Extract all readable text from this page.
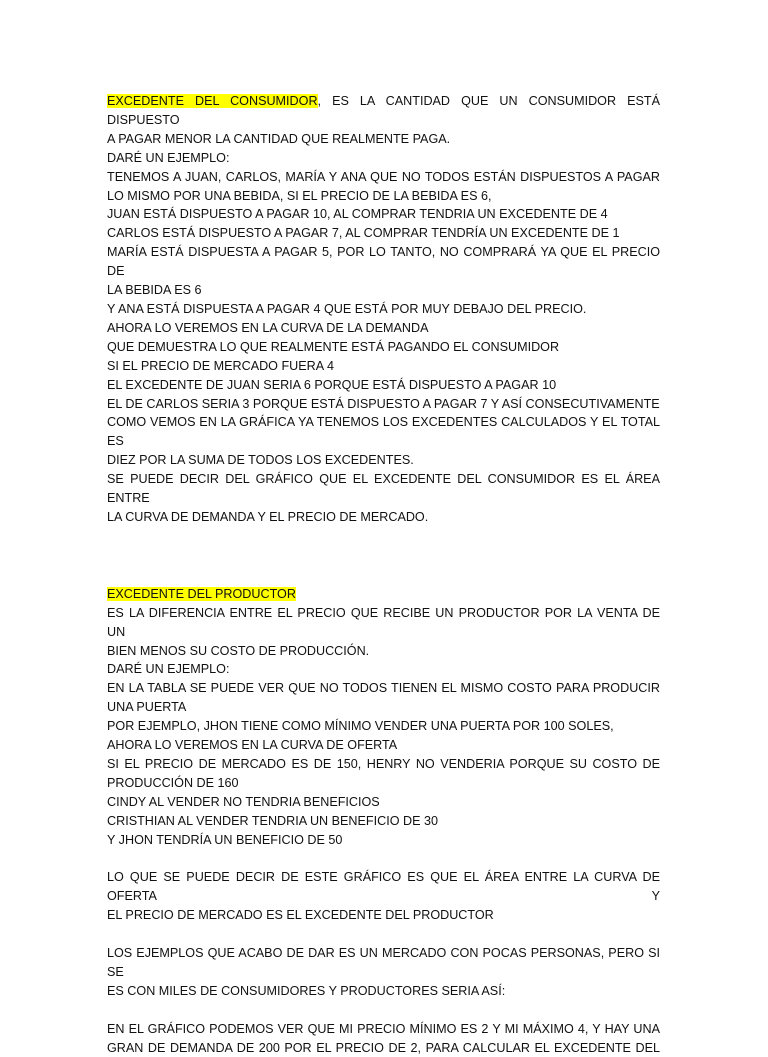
EXCEDENTE DEL CONSUMIDOR, ES LA CANTIDAD QUE UN CONSUMIDOR ESTÁ DISPUESTO
A PAGAR MENOR LA CANTIDAD QUE REALMENTE PAGA.
DARÉ UN EJEMPLO:
TENEMOS A JUAN, CARLOS, MARÍA Y ANA QUE NO TODOS ESTÁN DISPUESTOS A PAGAR
LO MISMO POR UNA BEBIDA, SI EL PRECIO DE LA BEBIDA ES 6,
JUAN ESTÁ DISPUESTO A PAGAR 10, AL COMPRAR TENDRIA UN EXCEDENTE DE 4
CARLOS ESTÁ DISPUESTO A PAGAR 7, AL COMPRAR TENDRÍA UN EXCEDENTE DE 1
MARÍA ESTÁ DISPUESTA A PAGAR 5, POR LO TANTO, NO COMPRARÁ YA QUE EL PRECIO DE
LA BEBIDA ES 6
Y ANA ESTÁ DISPUESTA A PAGAR 4 QUE ESTÁ POR MUY DEBAJO DEL PRECIO.
AHORA LO VEREMOS EN LA CURVA DE LA DEMANDA
QUE DEMUESTRA LO QUE REALMENTE ESTÁ PAGANDO EL CONSUMIDOR
SI EL PRECIO DE MERCADO FUERA 4
EL EXCEDENTE DE JUAN SERIA 6 PORQUE ESTÁ DISPUESTO A PAGAR 10
EL DE CARLOS SERIA 3 PORQUE ESTÁ DISPUESTO A PAGAR 7 Y ASÍ CONSECUTIVAMENTE
COMO VEMOS EN LA GRÁFICA YA TENEMOS LOS EXCEDENTES CALCULADOS Y EL TOTAL ES
DIEZ POR LA SUMA DE TODOS LOS EXCEDENTES.
SE PUEDE DECIR DEL GRÁFICO QUE EL EXCEDENTE DEL CONSUMIDOR ES EL ÁREA ENTRE
LA CURVA DE DEMANDA Y EL PRECIO DE MERCADO.
EXCEDENTE DEL PRODUCTOR
ES LA DIFERENCIA ENTRE EL PRECIO QUE RECIBE UN PRODUCTOR POR LA VENTA DE UN
BIEN MENOS SU COSTO DE PRODUCCIÓN.
DARÉ UN EJEMPLO:
EN LA TABLA SE PUEDE VER QUE NO TODOS TIENEN EL MISMO COSTO PARA PRODUCIR
UNA PUERTA
POR EJEMPLO, JHON TIENE COMO MÍNIMO VENDER UNA PUERTA POR 100 SOLES,
AHORA LO VEREMOS EN LA CURVA DE OFERTA
SI EL PRECIO DE MERCADO ES DE 150, HENRY NO VENDERIA PORQUE SU COSTO DE
PRODUCCIÓN DE 160
CINDY AL VENDER NO TENDRIA BENEFICIOS
CRISTHIAN AL VENDER TENDRIA UN BENEFICIO DE 30
Y JHON TENDRÍA UN BENEFICIO DE 50
LO QUE SE PUEDE DECIR DE ESTE GRÁFICO ES QUE EL ÁREA ENTRE LA CURVA DE OFERTA Y
EL PRECIO DE MERCADO ES EL EXCEDENTE DEL PRODUCTOR
LOS EJEMPLOS QUE ACABO DE DAR ES UN MERCADO CON POCAS PERSONAS, PERO SI SE
ES CON MILES DE CONSUMIDORES Y PRODUCTORES SERIA ASÍ:
EN EL GRÁFICO PODEMOS VER QUE MI PRECIO MÍNIMO ES 2 Y MI MÁXIMO 4, Y HAY UNA
GRAN DE DEMANDA DE 200 POR EL PRECIO DE 2, PARA CALCULAR EL EXCEDENTE DEL
